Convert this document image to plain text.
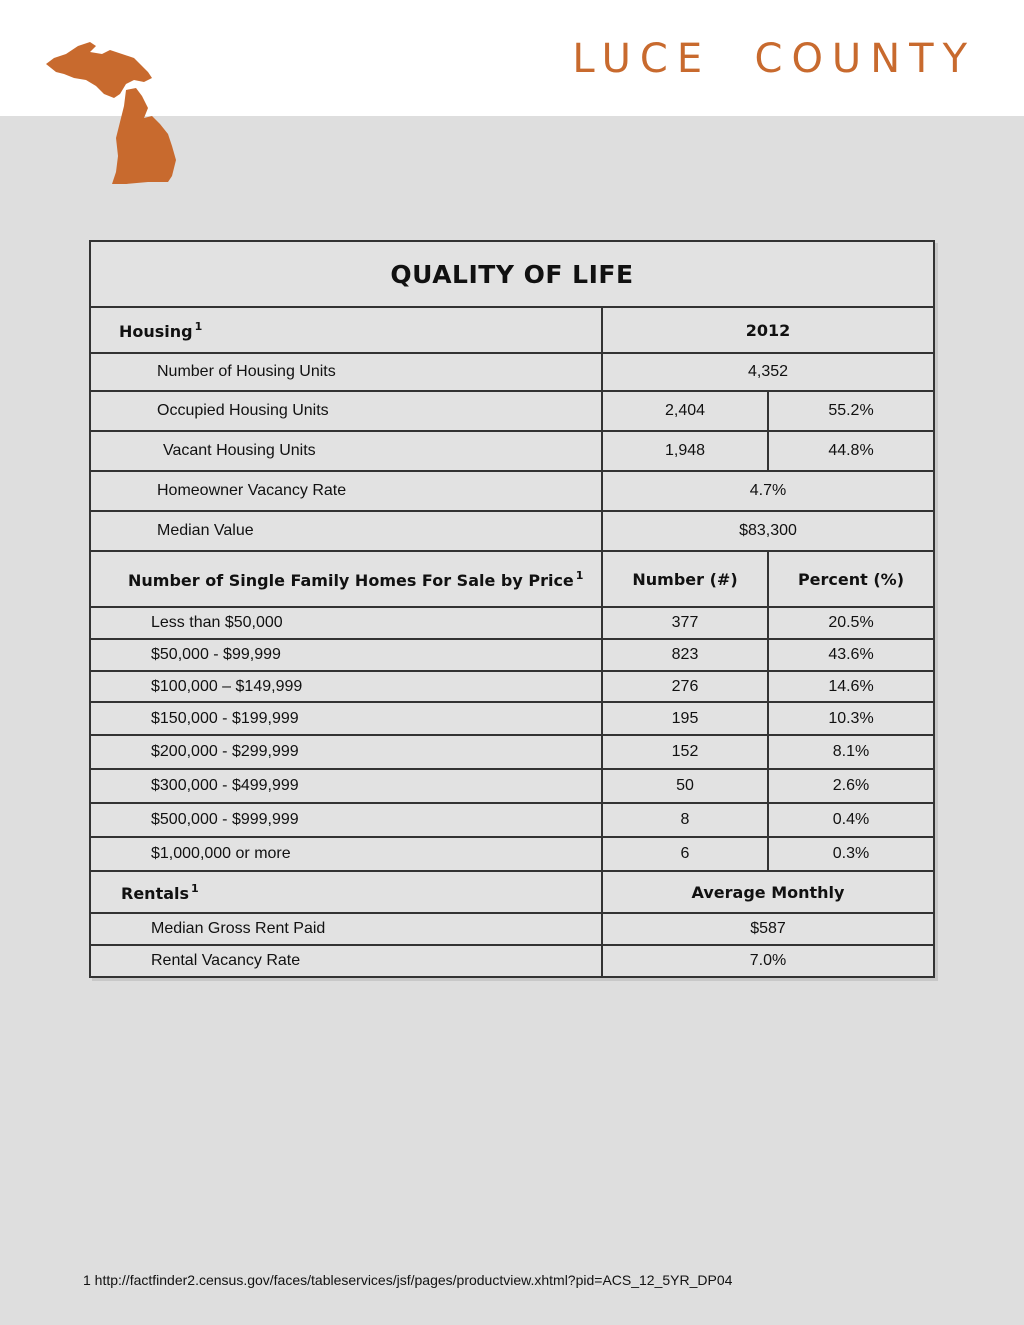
LUCE  COUNTY
QUALITY OF LIFE		
Housing $^1$	2012	
Number of Housing Units	4,352	
Occupied Housing Units	2,404	55.2%
Vacant Housing Units	1,948	44.8%
Homeowner Vacancy Rate	4.7%	
Median Value	$83,300	
Number of Single Family Homes For Sale by Price $^1$	Number (#)	Percent (%)
Less than $50,000	377	20.5%
$50,000 - $99,999	823	43.6%
$100,000 – $149,999	276	14.6%
$150,000 - $199,999	195	10.3%
$200,000 - $299,999	152	8.1%
$300,000 - $499,999	50	2.6%
$500,000 - $999,999	8	0.4%
$1,000,000 or more	6	0.3%
Rentals $^1$	Average Monthly	
Median Gross Rent Paid	$587	
Rental Vacancy Rate	7.0%	
1 http://factfinder2.census.gov/faces/tableservices/jsf/pages/productview.xhtml?pid=ACS_12_5YR_DP04
